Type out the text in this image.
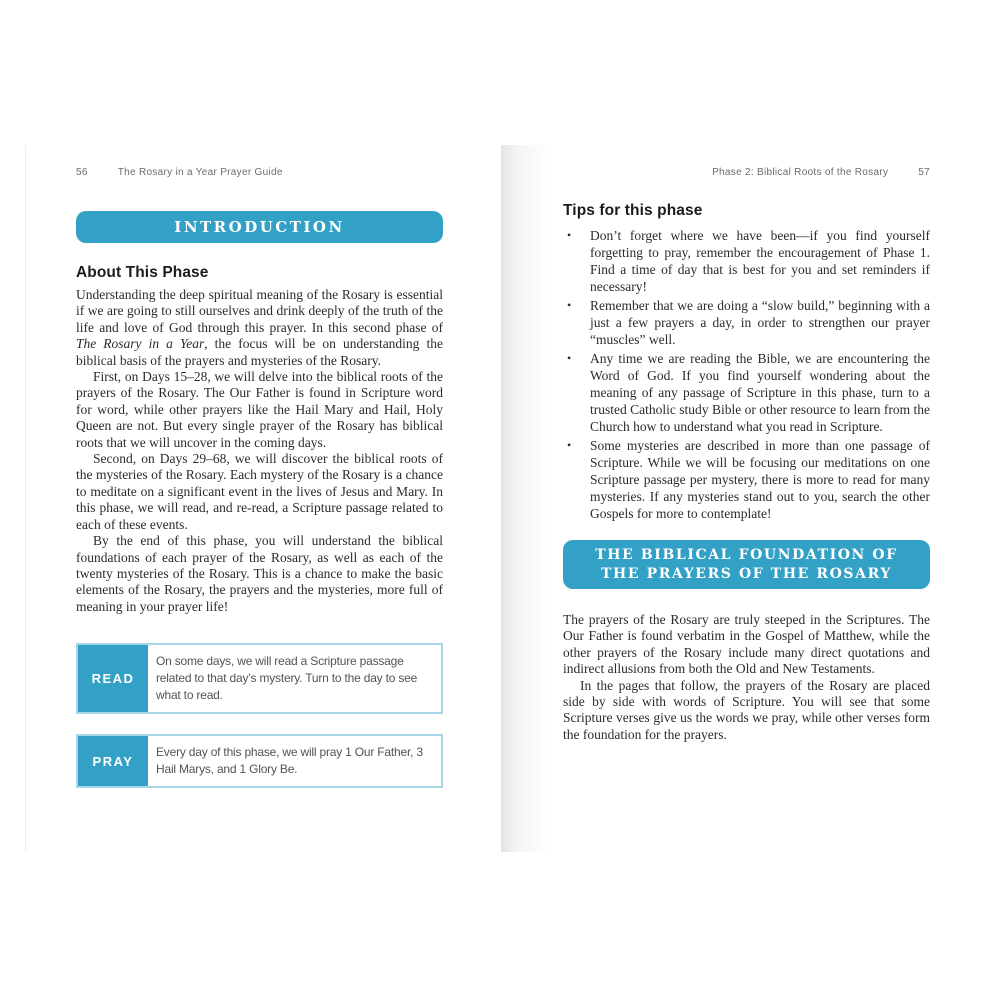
56	The Rosary in a Year Prayer Guide
INTRODUCTION
About This Phase

Understanding the deep spiritual meaning of the Rosary is essential if we are going to still ourselves and drink deeply of the truth of the life and love of God through this prayer. In this second phase of The Rosary in a Year, the focus will be on understanding the biblical basis of the prayers and mysteries of the Rosary.

First, on Days 15–28, we will delve into the biblical roots of the prayers of the Rosary. The Our Father is found in Scripture word for word, while other prayers like the Hail Mary and Hail, Holy Queen are not. But every single prayer of the Rosary has biblical roots that we will uncover in the coming days.

Second, on Days 29–68, we will discover the biblical roots of the mysteries of the Rosary. Each mystery of the Rosary is a chance to meditate on a significant event in the lives of Jesus and Mary. In this phase, we will read, and re-read, a Scripture passage related to each of these events.

By the end of this phase, you will understand the biblical foundations of each prayer of the Rosary, as well as each of the twenty mysteries of the Rosary. This is a chance to make the basic elements of the Rosary, the prayers and the mysteries, more full of meaning in your prayer life!

READ
On some days, we will read a Scripture passage related to that day’s mystery. Turn to the day to see what to read.
PRAY
Every day of this phase, we will pray 1 Our Father, 3 Hail Marys, and 1 Glory Be.
Phase 2: Biblical Roots of the Rosary	57
Tips for this phase
•	Don’t forget where we have been—if you find yourself forgetting to pray, remember the encouragement of Phase 1. Find a time of day that is best for you and set reminders if necessary!
•	Remember that we are doing a “slow build,” beginning with a just a few prayers a day, in order to strengthen our prayer “muscles” well.
•	Any time we are reading the Bible, we are encountering the Word of God. If you find yourself wondering about the meaning of any passage of Scripture in this phase, turn to a trusted Catholic study Bible or other resource to learn from the Church how to understand what you read in Scripture.
•	Some mysteries are described in more than one passage of Scripture. While we will be focusing our meditations on one Scripture passage per mystery, there is more to read for many mysteries. If any mysteries stand out to you, search the other Gospels for more to contemplate!
THE BIBLICAL FOUNDATION OF THE PRAYERS OF THE ROSARY

The prayers of the Rosary are truly steeped in the Scriptures. The Our Father is found verbatim in the Gospel of Matthew, while the other prayers of the Rosary include many direct quotations and indirect allusions from both the Old and New Testaments.

In the pages that follow, the prayers of the Rosary are placed side by side with words of Scripture. You will see that some Scripture verses give us the words we pray, while other verses form the foundation for the prayers.
